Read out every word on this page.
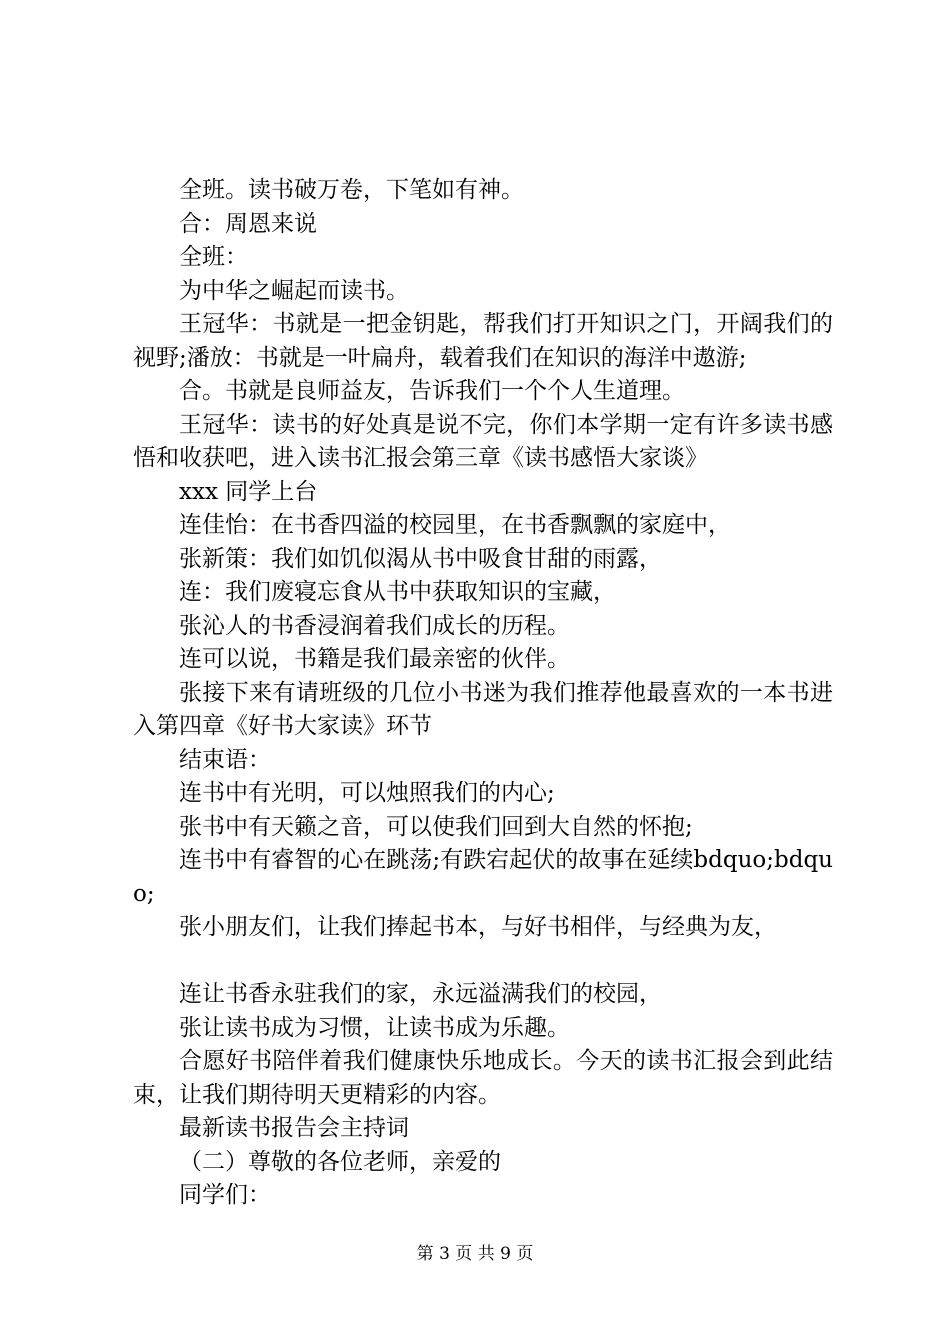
全班。读书破万卷，下笔如有神。

合：周恩来说

全班：

为中华之崛起而读书。

王冠华：书就是一把金钥匙，帮我们打开知识之门，开阔我们的视野;潘放：书就是一叶扁舟，载着我们在知识的海洋中遨游;

合。书就是良师益友，告诉我们一个个人生道理。

王冠华：读书的好处真是说不完，你们本学期一定有许多读书感悟和收获吧，进入读书汇报会第三章《读书感悟大家谈》

xxx 同学上台

连佳怡：在书香四溢的校园里，在书香飘飘的家庭中，

张新策：我们如饥似渴从书中吸食甘甜的雨露，

连：我们废寝忘食从书中获取知识的宝藏，

张沁人的书香浸润着我们成长的历程。

连可以说，书籍是我们最亲密的伙伴。

张接下来有请班级的几位小书迷为我们推荐他最喜欢的一本书进入第四章《好书大家读》环节

结束语：

连书中有光明，可以烛照我们的内心;

张书中有天籁之音，可以使我们回到大自然的怀抱;

连书中有睿智的心在跳荡;有跌宕起伏的故事在延续bdquo;bdquo;

张小朋友们，让我们捧起书本，与好书相伴，与经典为友，

连让书香永驻我们的家，永远溢满我们的校园，

张让读书成为习惯，让读书成为乐趣。

合愿好书陪伴着我们健康快乐地成长。今天的读书汇报会到此结束，让我们期待明天更精彩的内容。

最新读书报告会主持词

（二）尊敬的各位老师，亲爱的

同学们：

第 3 页 共 9 页
